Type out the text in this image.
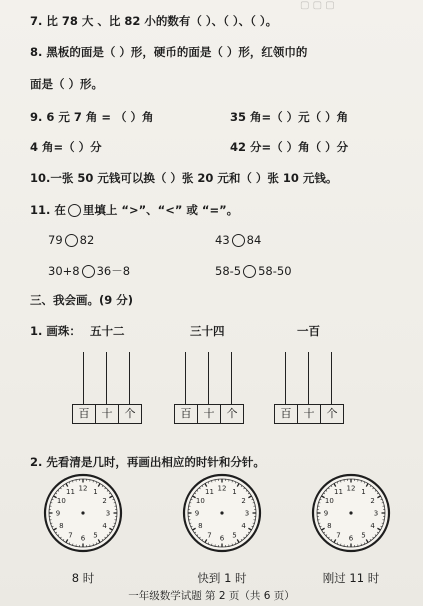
▢ ▢ ▢
7. 比 78 大 、比 82 小的数有（ ）、（ ）、（ ）。
8. 黑板的面是（ ）形，硬币的面是（ ）形，红领巾的
面是（ ）形。
9. 6 元 7 角 = （ ）角	35 角=（ ）元（ ）角
4 角=（ ）分	42 分=（ ）角（ ）分
10.一张 50 元钱可以换（ ）张 20 元和（ ）张 10 元钱。
11. 在 里填上 “>”、“<” 或 “=”。
79 82	43 84
30+8 36－8	58-5 58-50
三、我会画。(9 分)
1. 画珠： 五十二	三十四	一百
百	十	个	百	十	个	百	十	个
2. 先看清是几时，再画出相应的时针和分针。
12 1
2
3
4
5
6
7
8
9
10
11	12 1
2
3
4
5
6
7
8
9
10
11	12 1
2
3
4
5
6
7
8
9
10
11
8 时	快到 1 时	刚过 11 时
一年级数学试题 第 2 页（共 6 页）
